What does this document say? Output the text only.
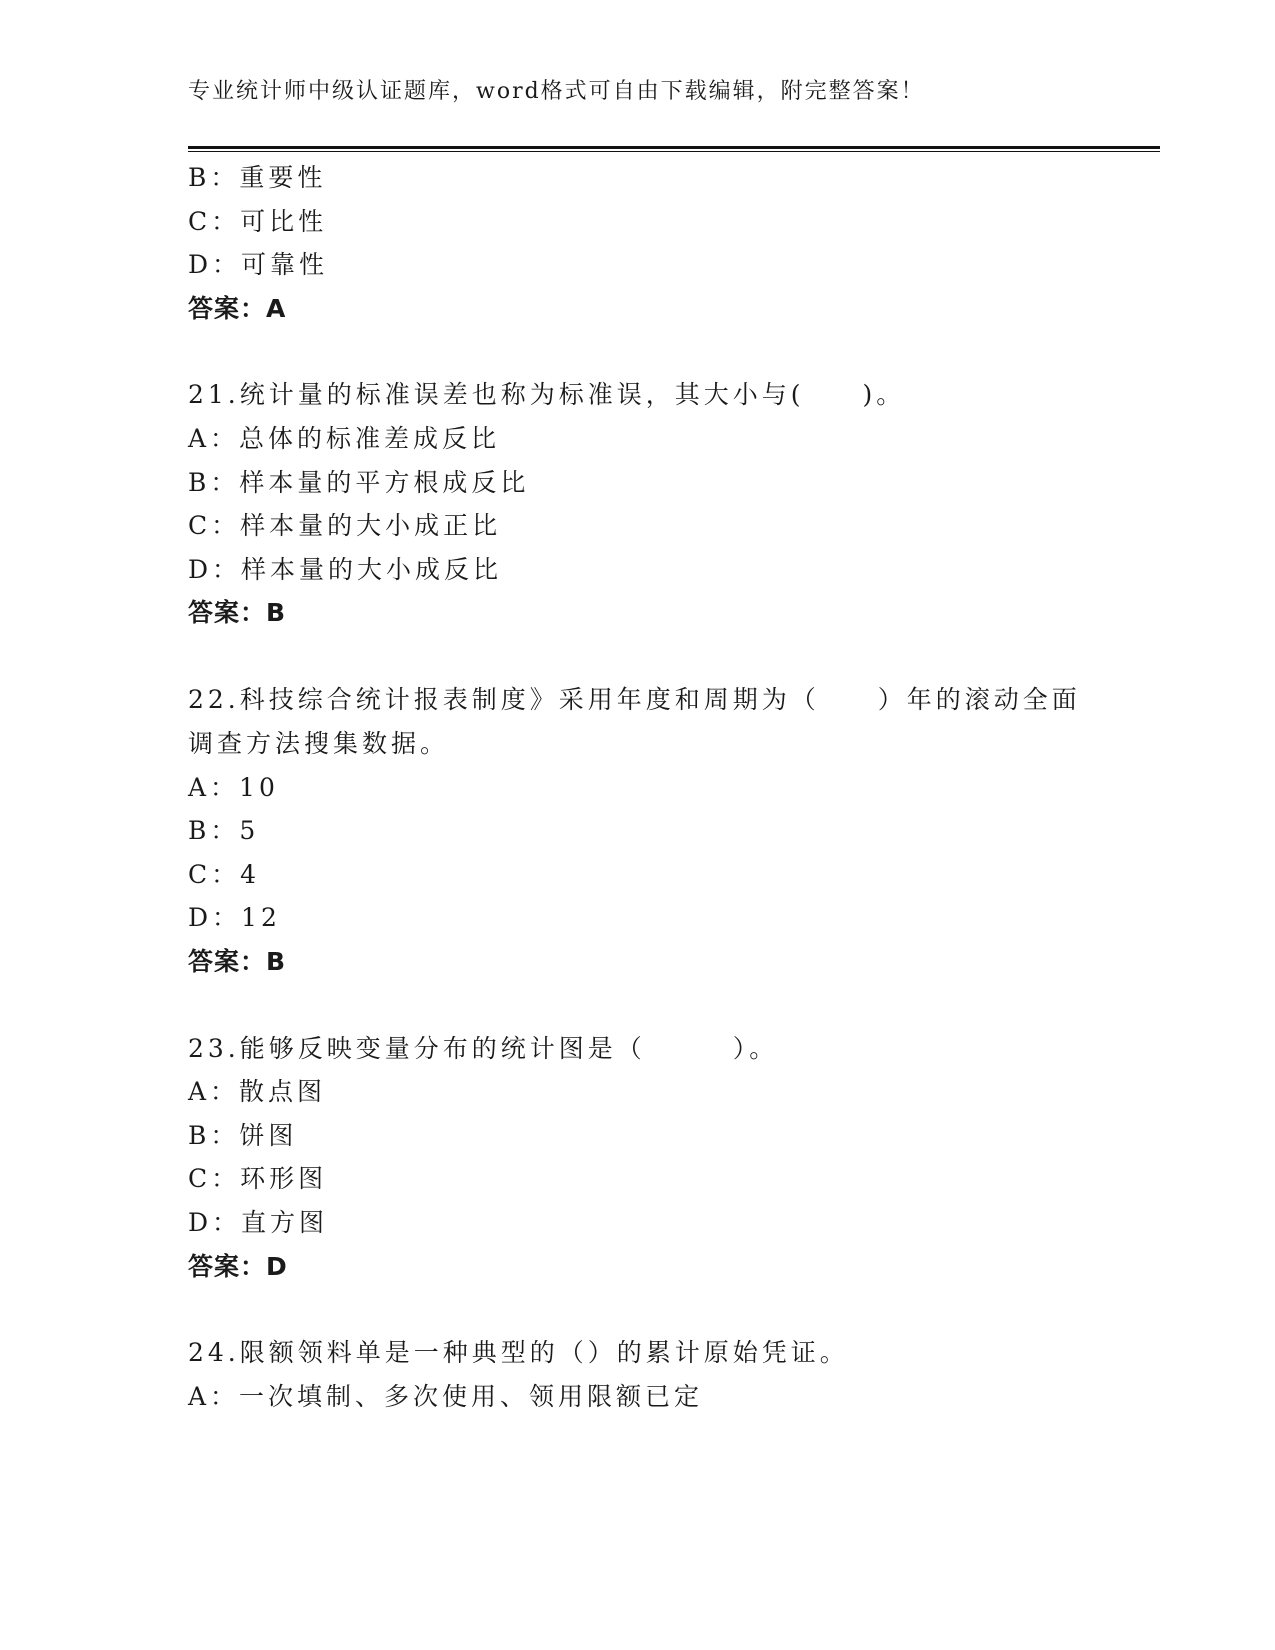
专业统计师中级认证题库，word格式可自由下载编辑，附完整答案！
B：重要性
C：可比性
D：可靠性
答案：A
21.统计量的标准误差也称为标准误，其大小与(　　)。
A：总体的标准差成反比
B：样本量的平方根成反比
C：样本量的大小成正比
D：样本量的大小成反比
答案：B
22.科技综合统计报表制度》采用年度和周期为（　　）年的滚动全面
调查方法搜集数据。
A：10
B：5
C：4
D：12
答案：B
23.能够反映变量分布的统计图是（　　　）。
A：散点图
B：饼图
C：环形图
D：直方图
答案：D
24.限额领料单是一种典型的（）的累计原始凭证。
A：一次填制、多次使用、领用限额已定
